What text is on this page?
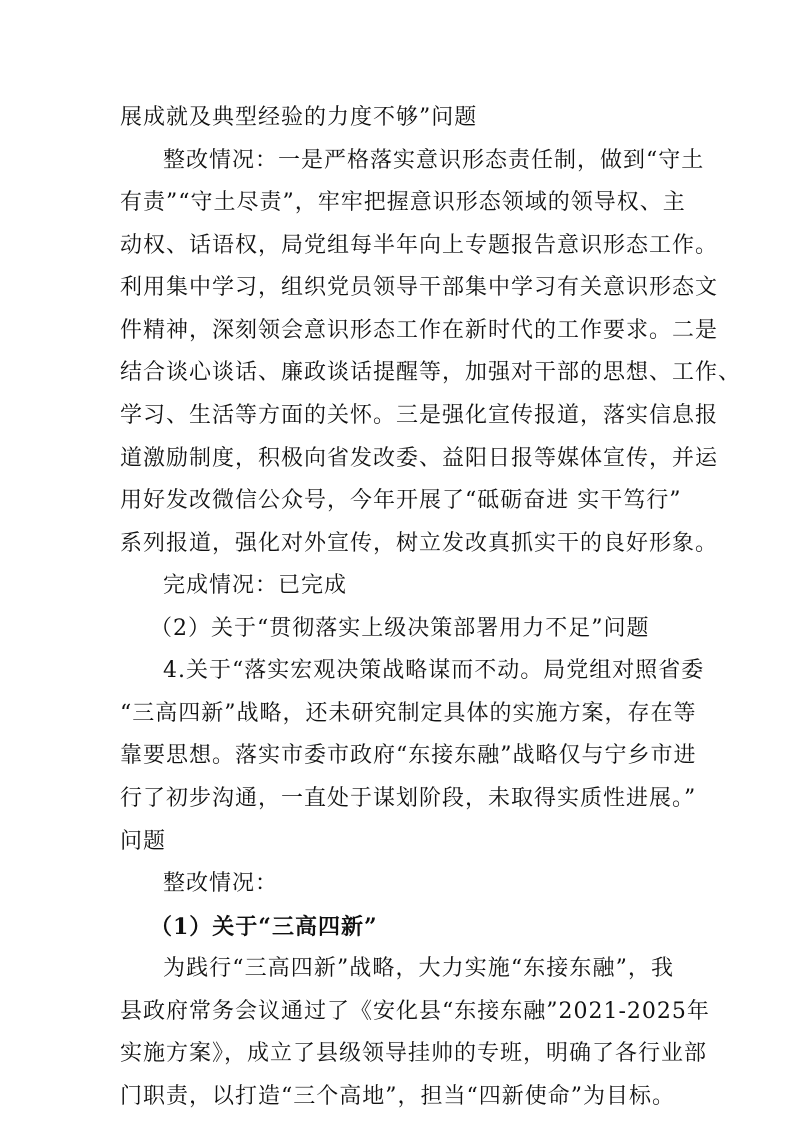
展成就及典型经验的力度不够”问题
整改情况：一是严格落实意识形态责任制，做到“守土
有责”“守土尽责”，牢牢把握意识形态领域的领导权、主
动权、话语权，局党组每半年向上专题报告意识形态工作。
利用集中学习，组织党员领导干部集中学习有关意识形态文
件精神，深刻领会意识形态工作在新时代的工作要求。二是
结合谈心谈话、廉政谈话提醒等，加强对干部的思想、工作、
学习、生活等方面的关怀。三是强化宣传报道，落实信息报
道激励制度，积极向省发改委、益阳日报等媒体宣传，并运
用好发改微信公众号，今年开展了“砥砺奋进 实干笃行”
系列报道，强化对外宣传，树立发改真抓实干的良好形象。
完成情况：已完成
（2）关于“贯彻落实上级决策部署用力不足”问题
4.关于“落实宏观决策战略谋而不动。局党组对照省委
“三高四新”战略，还未研究制定具体的实施方案，存在等
靠要思想。落实市委市政府“东接东融”战略仅与宁乡市进
行了初步沟通，一直处于谋划阶段，未取得实质性进展。”
问题
整改情况：
（1）关于“三高四新”
为践行“三高四新”战略，大力实施“东接东融”，我
县政府常务会议通过了《安化县“东接东融”2021-2025年
实施方案》，成立了县级领导挂帅的专班，明确了各行业部
门职责，以打造“三个高地”，担当“四新使命”为目标。
